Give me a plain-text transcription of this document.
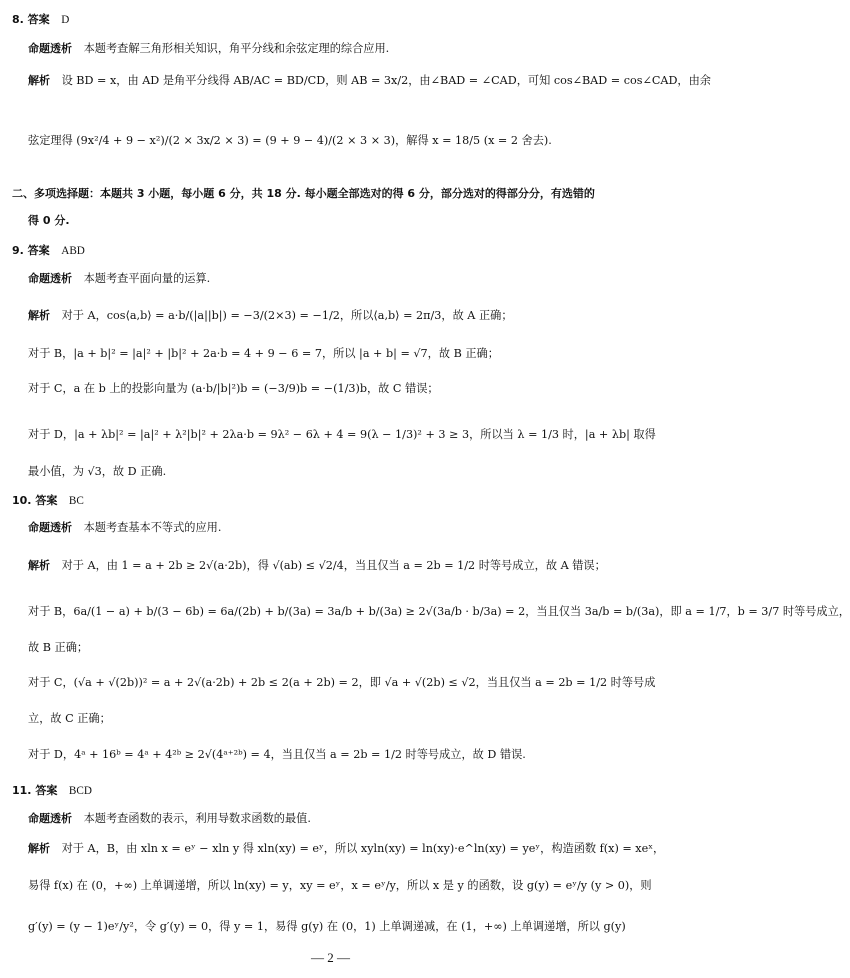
8. 答案 D
命题透析 本题考查解三角形相关知识，角平分线和余弦定理的综合应用.
解析 设 BD = x，由 AD 是角平分线得 AB/AC = BD/CD，则 AB = 3x/2，由∠BAD = ∠CAD，可知 cos∠BAD = cos∠CAD，由余
弦定理得 (9x²/4 + 9 − x²)/(2 × 3x/2 × 3) = (9 + 9 − 4)/(2 × 3 × 3)，解得 x = 18/5 (x = 2 舍去).
二、多项选择题：本题共 3 小题，每小题 6 分，共 18 分. 每小题全部选对的得 6 分，部分选对的得部分分，有选错的
得 0 分.
9. 答案 ABD
命题透析 本题考查平面向量的运算.
解析 对于 A，cos⟨a,b⟩ = a·b/(|a||b|) = −3/(2×3) = −1/2，所以⟨a,b⟩ = 2π/3，故 A 正确；
对于 B，|a + b|² = |a|² + |b|² + 2a·b = 4 + 9 − 6 = 7，所以 |a + b| = √7，故 B 正确；
对于 C，a 在 b 上的投影向量为 (a·b/|b|²)b = (−3/9)b = −(1/3)b，故 C 错误；
对于 D，|a + λb|² = |a|² + λ²|b|² + 2λa·b = 9λ² − 6λ + 4 = 9(λ − 1/3)² + 3 ≥ 3，所以当 λ = 1/3 时，|a + λb| 取得
最小值，为 √3，故 D 正确.
10. 答案 BC
命题透析 本题考查基本不等式的应用.
解析 对于 A，由 1 = a + 2b ≥ 2√(a·2b)，得 √(ab) ≤ √2/4，当且仅当 a = 2b = 1/2 时等号成立，故 A 错误；
对于 B，6a/(1 − a) + b/(3 − 6b) = 6a/(2b) + b/(3a) = 3a/b + b/(3a) ≥ 2√(3a/b · b/3a) = 2，当且仅当 3a/b = b/(3a)，即 a = 1/7，b = 3/7 时等号成立，
故 B 正确；
对于 C，(√a + √(2b))² = a + 2√(a·2b) + 2b ≤ 2(a + 2b) = 2，即 √a + √(2b) ≤ √2，当且仅当 a = 2b = 1/2 时等号成
立，故 C 正确；
对于 D，4ᵃ + 16ᵇ = 4ᵃ + 4²ᵇ ≥ 2√(4ᵃ⁺²ᵇ) = 4，当且仅当 a = 2b = 1/2 时等号成立，故 D 错误.
11. 答案 BCD
命题透析 本题考查函数的表示，利用导数求函数的最值.
解析 对于 A，B，由 xln x = eʸ − xln y 得 xln(xy) = eʸ，所以 xyln(xy) = ln(xy)·e^ln(xy) = yeʸ，构造函数 f(x) = xeˣ，
易得 f(x) 在 (0，+∞) 上单调递增，所以 ln(xy) = y，xy = eʸ，x = eʸ/y，所以 x 是 y 的函数，设 g(y) = eʸ/y (y > 0)，则
g′(y) = (y − 1)eʸ/y²，令 g′(y) = 0，得 y = 1，易得 g(y) 在 (0，1) 上单调递减，在 (1，+∞) 上单调递增，所以 g(y)
— 2 —
